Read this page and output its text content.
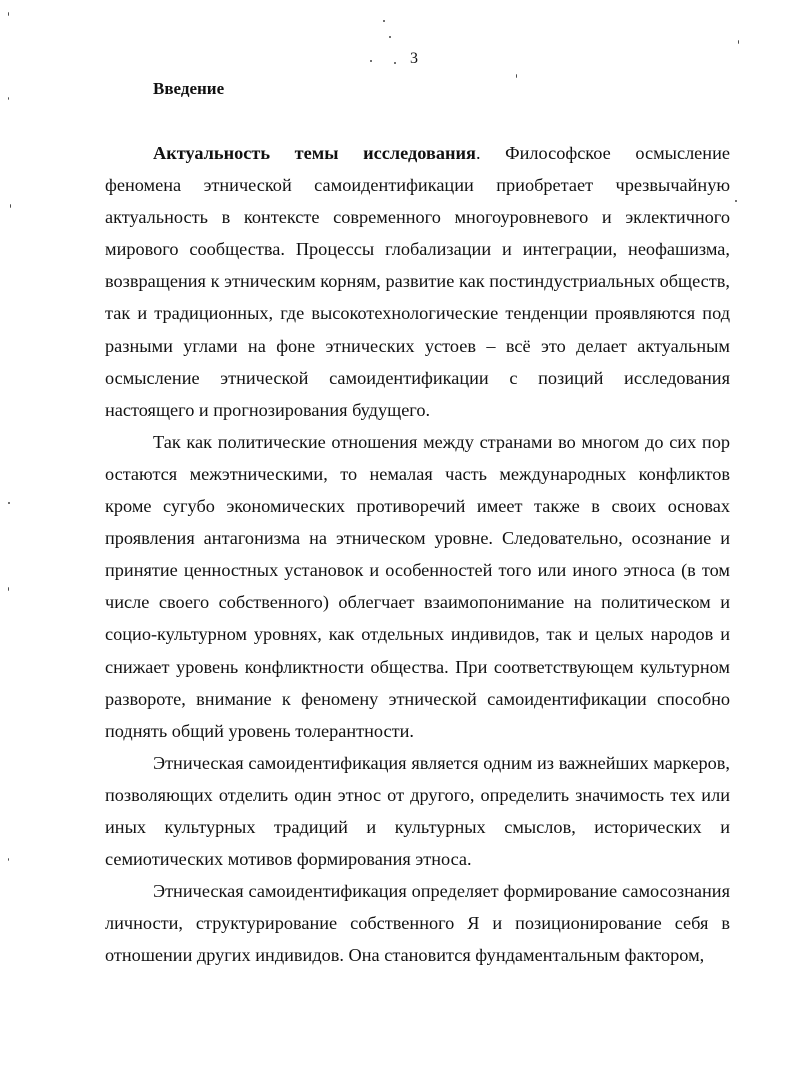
3
Введение

Актуальность темы исследования. Философское осмысление феномена этнической самоидентификации приобретает чрезвычайную актуальность в контексте современного многоуровневого и эклектичного мирового сообщества. Процессы глобализации и интеграции, неофашизма, возвращения к этническим корням, развитие как постиндустриальных обществ, так и традиционных, где высокотехнологические тенденции проявляются под разными углами на фоне этнических устоев – всё это делает актуальным осмысление этнической самоидентификации с позиций исследования настоящего и прогнозирования будущего.

Так как политические отношения между странами во многом до сих пор остаются межэтническими, то немалая часть международных конфликтов кроме сугубо экономических противоречий имеет также в своих основах проявления антагонизма на этническом уровне. Следовательно, осознание и принятие ценностных установок и особенностей того или иного этноса (в том числе своего собственного) облегчает взаимопонимание на политическом и социо-культурном уровнях, как отдельных индивидов, так и целых народов и снижает уровень конфликтности общества. При соответствующем культурном развороте, внимание к феномену этнической самоидентификации способно поднять общий уровень толерантности.

Этническая самоидентификация является одним из важнейших маркеров, позволяющих отделить один этнос от другого, определить значимость тех или иных культурных традиций и культурных смыслов, исторических и семиотических мотивов формирования этноса.

Этническая самоидентификация определяет формирование самосознания личности, структурирование собственного Я и позиционирование себя в отношении других индивидов. Она становится фундаментальным фактором,
